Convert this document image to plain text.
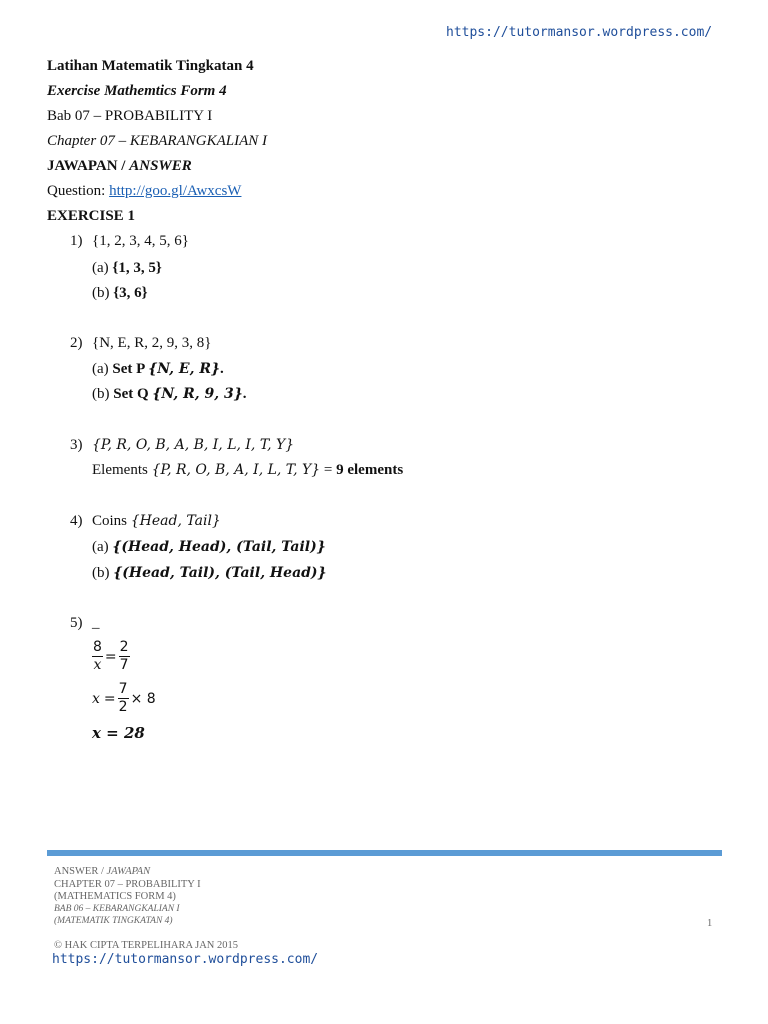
https://tutormansor.wordpress.com/
Latihan Matematik Tingkatan 4
Exercise Mathemtics Form 4
Bab 07 – PROBABILITY I
Chapter 07 – KEBARANGKALIAN I
JAWAPAN / ANSWER
Question: http://goo.gl/AwxcsW
EXERCISE 1
1) {1, 2, 3, 4, 5, 6}
(a) {1, 3, 5}
(b) {3, 6}
2) {N, E, R, 2, 9, 3, 8}
(a) Set P {N, E, R}.
(b) Set Q {N, R, 9, 3}.
3) {P, R, O, B, A, B, I, L, I, T, Y}
Elements {P, R, O, B, A, I, L, T, Y} = 9 elements
4) Coins {Head, Tail}
(a) {(Head, Head), (Tail, Tail)}
(b) {(Head, Tail), (Tail, Head)}
5) _
$\frac{8}{x} = \frac{2}{7}$
$x = \frac{7}{2} \times 8$
x = 28
ANSWER / JAWAPAN
CHAPTER 07 – PROBABILITY I
(MATHEMATICS FORM 4)
BAB 06 – KEBARANGKALIAN I
(MATEMATIK TINGKATAN 4)	1
© HAK CIPTA TERPELIHARA JAN 2015
https://tutormansor.wordpress.com/
